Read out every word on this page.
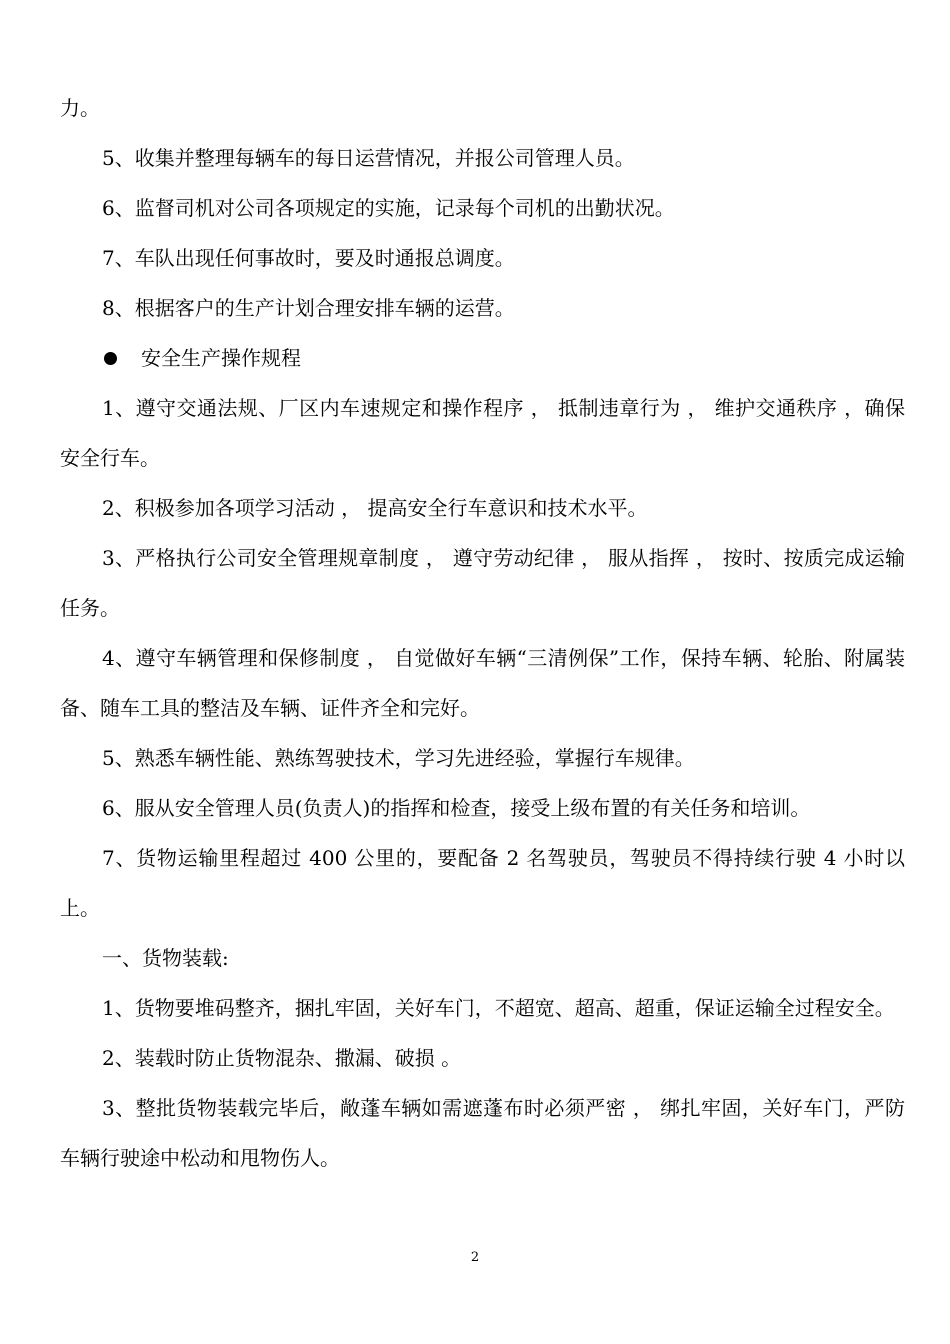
力。

5、收集并整理每辆车的每日运营情况，并报公司管理人员。

6、监督司机对公司各项规定的实施，记录每个司机的出勤状况。

7、车队出现任何事故时，要及时通报总调度。

8、根据客户的生产计划合理安排车辆的运营。

安全生产操作规程

1、遵守交通法规、厂区内车速规定和操作程序 ， 抵制违章行为 ， 维护交通秩序 ，确保安全行车。

2、积极参加各项学习活动 ， 提高安全行车意识和技术水平。

3、严格执行公司安全管理规章制度 ， 遵守劳动纪律 ， 服从指挥 ， 按时、按质完成运输任务。

4、遵守车辆管理和保修制度 ， 自觉做好车辆“三清例保”工作，保持车辆、轮胎、附属装备、随车工具的整洁及车辆、证件齐全和完好。

5、熟悉车辆性能、熟练驾驶技术，学习先进经验，掌握行车规律。

6、服从安全管理人员(负责人)的指挥和检查，接受上级布置的有关任务和培训。

7、货物运输里程超过 400 公里的，要配备 2 名驾驶员，驾驶员不得持续行驶 4 小时以上。

一、货物装载:

1、货物要堆码整齐，捆扎牢固，关好车门，不超宽、超高、超重，保证运输全过程安全。

2、装载时防止货物混杂、撒漏、破损 。

3、整批货物装载完毕后，敞蓬车辆如需遮蓬布时必须严密 ， 绑扎牢固，关好车门，严防车辆行驶途中松动和甩物伤人。

2
